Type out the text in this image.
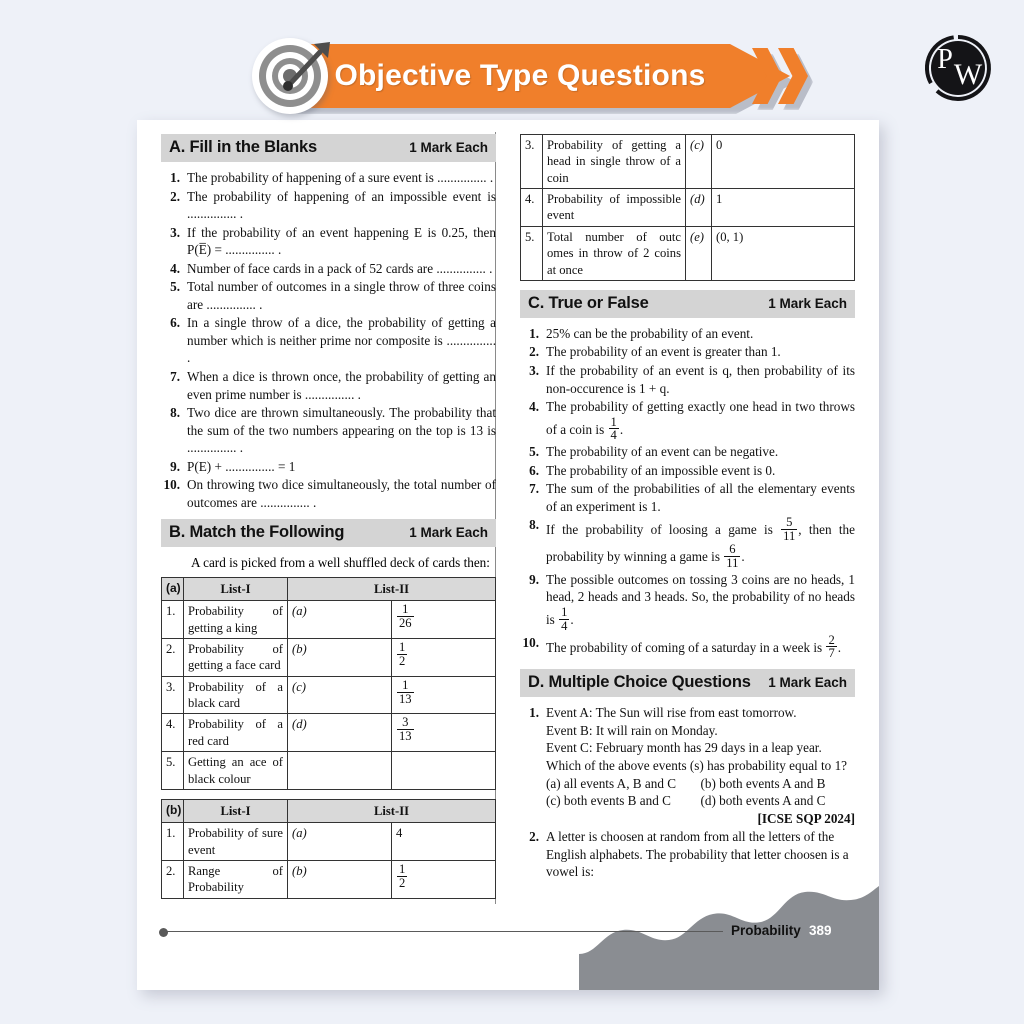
Objective Type Questions	P W
A. Fill in the Blanks	1 Mark Each
1. The probability of happening of a sure event is ............... .
2. The probability of happening of an impossible event is ............... .
3. If the probability of an event happening E is 0.25, then P(E̅) = ............... .
4. Number of face cards in a pack of 52 cards are ............... .
5. Total number of outcomes in a single throw of three coins are ............... .
6. In a single throw of a dice, the probability of getting a number which is neither prime nor composite is ............... .
7. When a dice is thrown once, the probability of getting an even prime number is ............... .
8. Two dice are thrown simultaneously. The probability that the sum of the two numbers appearing on the top is 13 is ............... .
9. P(E) + ............... = 1
10. On throwing two dice simultaneously, the total number of outcomes are ............... .
B. Match the Following	1 Mark Each
A card is picked from a well shuffled deck of cards then:
(a)	List-I	List-II	
1.	Probability of getting a king	(a)	$\frac{1}{26}$

2.	Probability of getting a face card	(b)	$\frac{1}{2}$

3.	Probability of a black card	(c)	$\frac{1}{13}$

4.	Probability of a red card	(d)	$\frac{3}{13}$

5.	Getting an ace of black colour		
(b)	List-I	List-II	
1.	Probability of sure event	(a)	4
2.	Range of Probability	(b)	$\frac{1}{2}$
3.	Probability of getting a head in single throw of a coin	(c)	0
4.	Probability of impossible event	(d)	1
5.	Total number of outc omes in throw of 2 coins at once	(e)	(0, 1)
C. True or False	1 Mark Each
1. 25% can be the probability of an event.
2. The probability of an event is greater than 1.
3. If the probability of an event is q, then probability of its non-occurence is 1 + q.
4. The probability of getting exactly one head in two throws of a coin is $\frac{1}{4}$ .
5. The probability of an event can be negative.
6. The probability of an impossible event is 0.
7. The sum of the probabilities of all the elementary events of an experiment is 1.
8. If the probability of loosing a game is $\frac{5}{11}$ , then the probability by winning a game is $\frac{6}{11}$ .
9. The possible outcomes on tossing 3 coins are no heads, 1 head, 2 heads and 3 heads. So, the probability of no heads is $\frac{1}{4}$ .
10. The probability of coming of a saturday in a week is $\frac{2}{7}$ .
D. Multiple Choice Questions 1 Mark Each
1. Event A: The Sun will rise from east tomorrow.
Event B: It will rain on Monday.
Event C: February month has 29 days in a leap year.
Which of the above events (s) has probability equal to 1?
(a) all events A, B and C	(b) both events A and B
(c) both events B and C	(d) both events A and C
[ICSE SQP 2024]
2. A letter is choosen at random from all the letters of the English alphabets. The probability that letter choosen is a vowel is:
Probability 389
